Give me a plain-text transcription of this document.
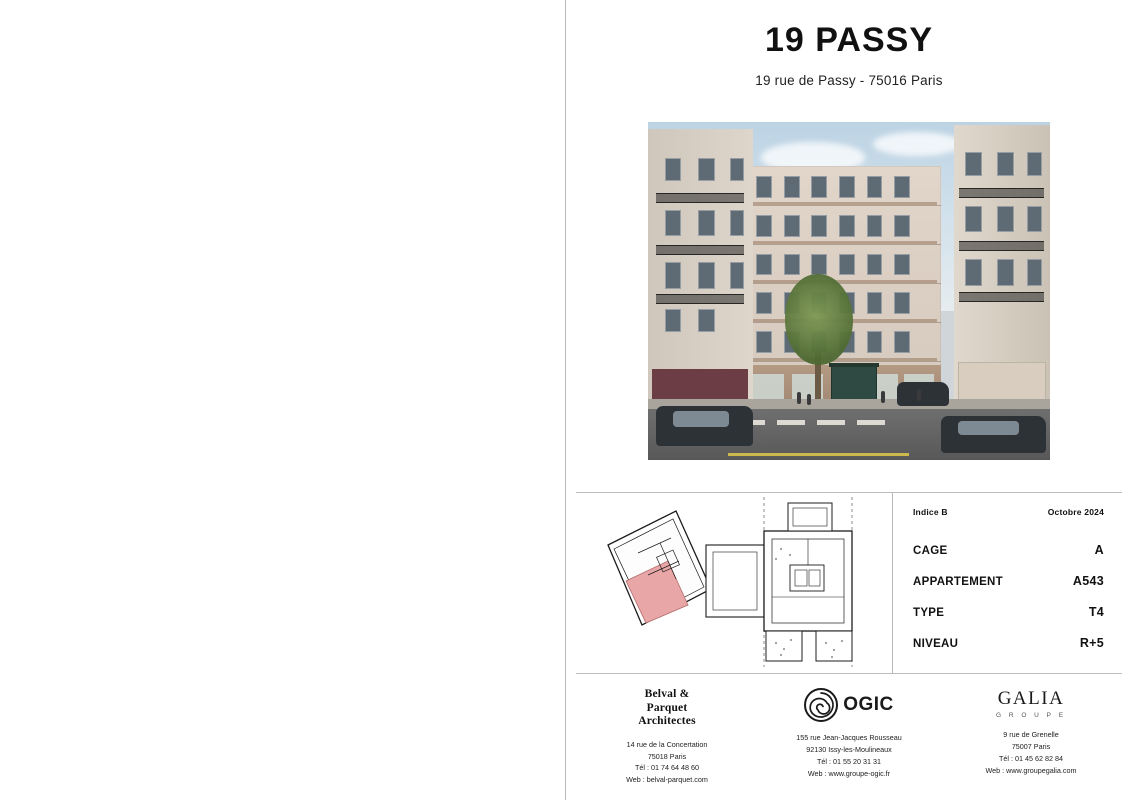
19 PASSY
19 rue de Passy - 75016 Paris
Indice B	Octobre 2024
CAGE	A
APPARTEMENT	A543
TYPE	T4
NIVEAU	R+5
Belval &
Parquet
Architectes
14 rue de la Concertation
75018 Paris
Tél : 01 74 64 48 60
Web : belval-parquet.com
OGIC
155 rue Jean-Jacques Rousseau
92130 Issy-les-Moulineaux
Tél : 01 55 20 31 31
Web : www.groupe-ogic.fr
GALIA
G R O U P E
9 rue de Grenelle
75007 Paris
Tél : 01 45 62 82 84
Web : www.groupegalia.com
